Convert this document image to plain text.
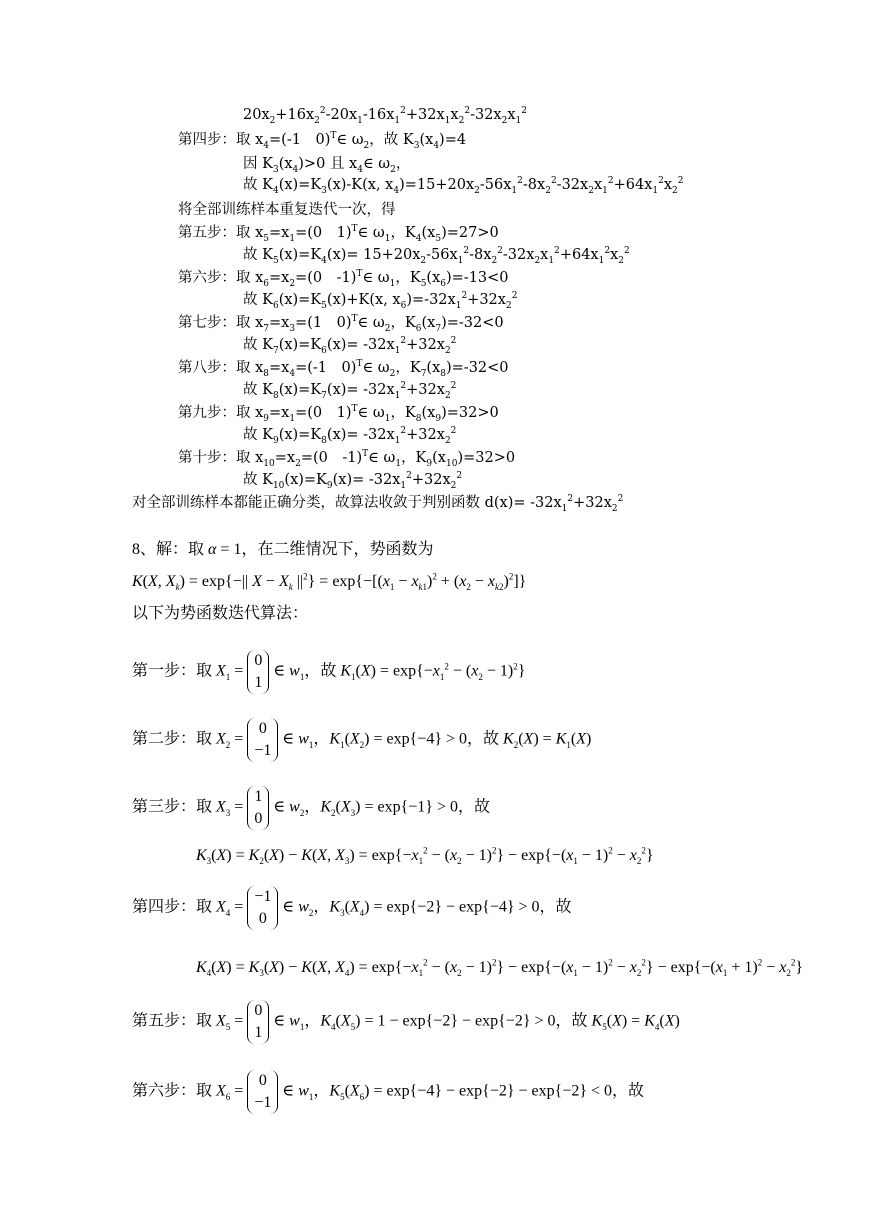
$20x_2+16x_2^2-20x_1-16x_1^2+32x_1x_2^2-32x_2x_1^2$
第四步：取 $x_4=(-1$　0)$^T$∈ $\omega_2$，故 $K_3(x_4)=4$
因 $K_3(x_4)>0$ 且 $x_4\in$ $\omega_2$，
故 $K_4(x)=K_3(x)-K(x$, $x_4)=15+20x_2-56x_1^2-8x_2^2-32x_2x_1^2+64x_1^2x_2^2$
将全部训练样本重复迭代一次，得
第五步：取 $x_5=x_1=(0$　1)$^T$∈ $\omega_1$，$K_4(x_5)=27>0$
故 $K_5(x)=K_4(x)= 15+20x_2-56x_1^2-8x_2^2-32x_2x_1^2+64x_1^2x_2^2$
第六步：取 $x_6=x_2=(0$　-1)$^T$∈ $\omega_1$，$K_5(x_6)=-13<0$
故 $K_6(x)=K_5(x)+K(x$, $x_6)=-32x_1^2+32x_2^2$
第七步：取 $x_7=x_3=(1$　0)$^T$∈ $\omega_2$，$K_6(x_7)=-32<0$
故 $K_7(x)=K_6(x)= -32x_1^2+32x_2^2$
第八步：取 $x_8=x_4=(-1$　0)$^T$∈ $\omega_2$，$K_7(x_8)=-32<0$
故 $K_8(x)=K_7(x)= -32x_1^2+32x_2^2$
第九步：取 $x_9=x_1=(0$　1)$^T$∈ $\omega_1$，$K_8(x_9)=32>0$
故 $K_9(x)=K_8(x)= -32x_1^2+32x_2^2$
第十步：取 $x_{10}=x_2=(0$　-1)$^T$∈ $\omega_1$，$K_9(x_{10})=32>0$
故 $K_{10}(x)=K_9(x)= -32x_1^2+32x_2^2$
对全部训练样本都能正确分类，故算法收敛于判别函数 $d(x)= -32x_1^2+32x_2^2$
8、解：取 α = 1，在二维情况下，势函数为
K(X, $X_k) = \exp\{-||$ $X - X_k$ $||^2\} = \exp\{-[(x_1 - x_{k1})^2 + (x_2 - x_{k2})^2]\}$
以下为势函数迭代算法：
第一步：取 $X_1$ =
0
1
∈ $w_1$，故 $K_1(X) = \exp\{-x_1^2 - (x_2 - 1)^2\}$
第二步：取 $X_2$ =
0
−1
∈ $w_1$，$K_1(X_2) = \exp\{-4\} > 0$，故 $K_2(X) = K_1(X)$
第三步：取 $X_3$ =
1
0
∈ $w_2$，$K_2(X_3) = \exp\{-1\} > 0$，故
$K_3(X) = K_2(X) - K(X$, $X_3) = \exp\{-x_1^2 - (x_2 - 1)^2\} - \exp\{-(x_1 - 1)^2 - x_2^2\}$
第四步：取 $X_4$ =
−1
0
∈ $w_2$，$K_3(X_4) = \exp\{-2\} - \exp\{-4\} > 0$，故
$K_4(X) = K_3(X) - K(X$, $X_4) = \exp\{-x_1^2 - (x_2 - 1)^2\} - \exp\{-(x_1 - 1)^2 - x_2^2\} - \exp\{-(x_1 + 1)^2 - x_2^2\}$
第五步：取 $X_5$ =
0
1
∈ $w_1$，$K_4(X_5) = 1 - \exp\{-2\} - \exp\{-2\} > 0$，故 $K_5(X) = K_4(X)$
第六步：取 $X_6$ =
0
−1
∈ $w_1$，$K_5(X_6) = \exp\{-4\} - \exp\{-2\} - \exp\{-2\} < 0$，故
